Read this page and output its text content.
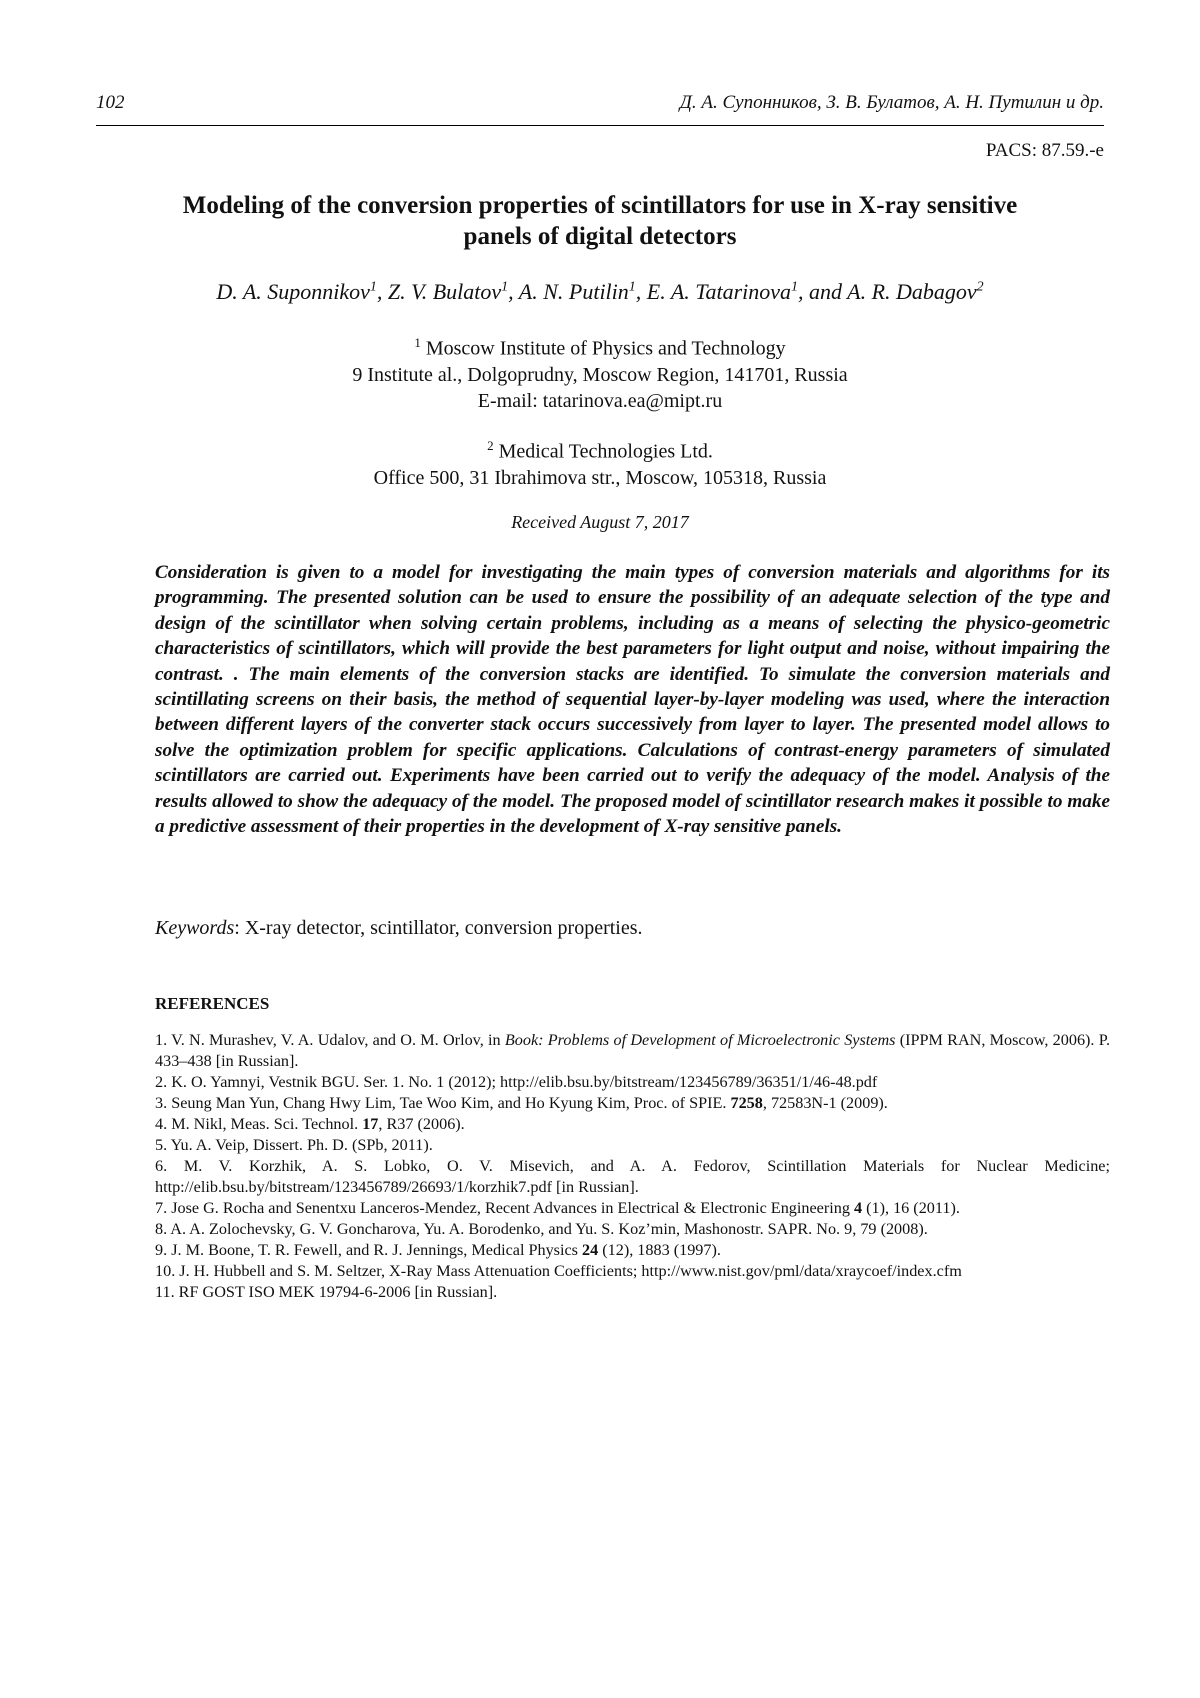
102	Д. А. Супонников, З. В. Булатов, А. Н. Путилин и др.
PACS: 87.59.-e
Modeling of the conversion properties of scintillators for use in X-ray sensitive
panels of digital detectors
D. A. Suponnikov$^1$, Z. V. Bulatov$^1$, A. N. Putilin$^1$, E. A. Tatarinova$^1$, and A. R. Dabagov$^2$
$^1$ Moscow Institute of Physics and Technology
9 Institute al., Dolgoprudny, Moscow Region, 141701, Russia
E-mail: tatarinova.ea@mipt.ru
$^2$ Medical Technologies Ltd.
Office 500, 31 Ibrahimova str., Moscow, 105318, Russia
Received August 7, 2017

Consideration is given to a model for investigating the main types of conversion materials and algorithms for its programming. The presented solution can be used to ensure the possibility of an adequate selection of the type and design of the scintillator when solving certain problems, including as a means of selecting the physico-geometric characteristics of scintillators, which will provide the best parameters for light output and noise, without impairing the contrast. . The main elements of the conversion stacks are identified. To simulate the conversion materials and scintillating screens on their basis, the method of sequential layer-by-layer modeling was used, where the interaction between different layers of the converter stack occurs successively from layer to layer. The presented model allows to solve the optimization problem for specific applications. Calculations of contrast-energy parameters of simulated scintillators are carried out. Experiments have been carried out to verify the adequacy of the model. Analysis of the results allowed to show the adequacy of the model. The proposed model of scintillator research makes it possible to make a predictive assessment of their properties in the development of X-ray sensitive panels.

Keywords: X-ray detector, scintillator, conversion properties.
REFERENCES
1. V. N. Murashev, V. A. Udalov, and O. M. Orlov, in Book: Problems of Development of Microelectronic Systems (IPPM RAN, Moscow, 2006). P. 433–438 [in Russian].
2. K. O. Yamnyi, Vestnik BGU. Ser. 1. No. 1 (2012); http://elib.bsu.by/bitstream/123456789/36351/1/46-48.pdf
3. Seung Man Yun, Chang Hwy Lim, Tae Woo Kim, and Ho Kyung Kim, Proc. of SPIE. 7258, 72583N-1 (2009).
4. M. Nikl, Meas. Sci. Technol. 17, R37 (2006).
5. Yu. A. Veip, Dissert. Ph. D. (SPb, 2011).
6. M. V. Korzhik, A. S. Lobko, O. V. Misevich, and A. A. Fedorov, Scintillation Materials for Nuclear Medicine; http://elib.bsu.by/bitstream/123456789/26693/1/korzhik7.pdf [in Russian].
7. Jose G. Rocha and Senentxu Lanceros-Mendez, Recent Advances in Electrical & Electronic Engineering 4 (1), 16 (2011).
8. A. A. Zolochevsky, G. V. Goncharova, Yu. A. Borodenko, and Yu. S. Koz’min, Mashonostr. SAPR. No. 9, 79 (2008).
9. J. M. Boone, T. R. Fewell, and R. J. Jennings, Medical Physics 24 (12), 1883 (1997).
10. J. H. Hubbell and S. M. Seltzer, X-Ray Mass Attenuation Coefficients; http://www.nist.gov/pml/data/xraycoef/index.cfm
11. RF GOST ISO MEK 19794-6-2006 [in Russian].
